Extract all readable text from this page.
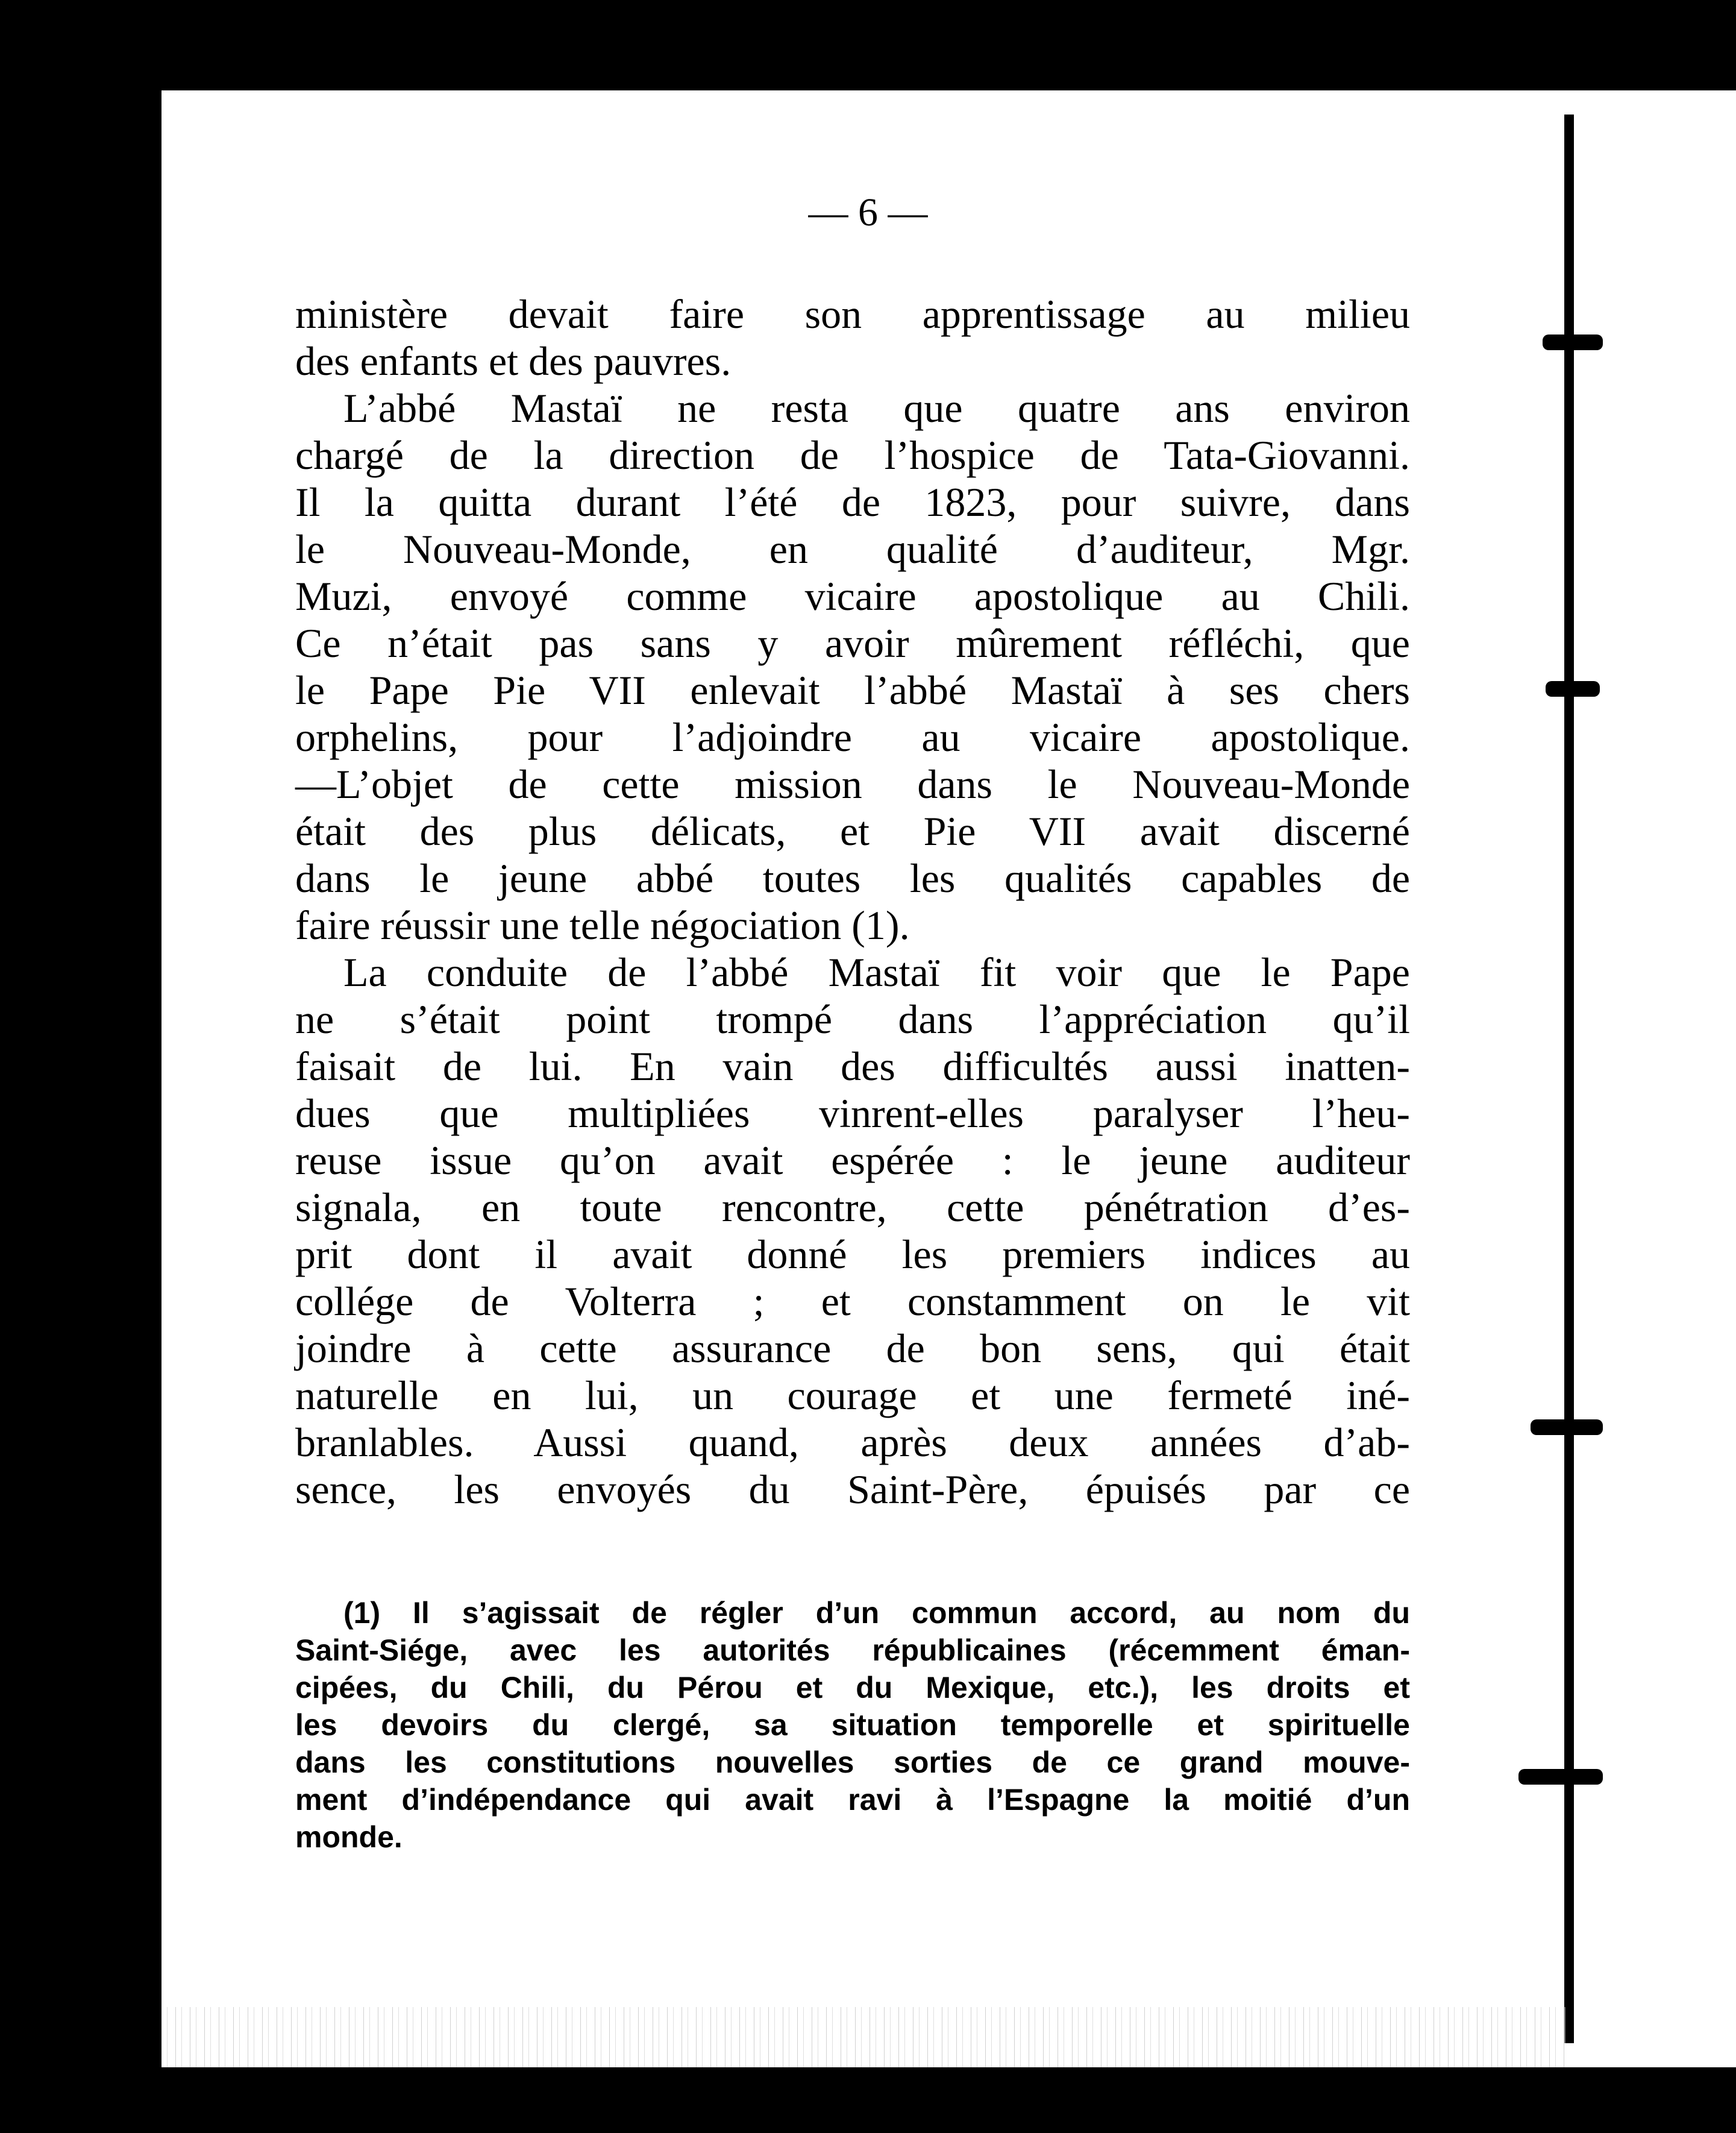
— 6 —
ministère devait faire son apprentissage au milieu
des enfants et des pauvres.
L’abbé Mastaï ne resta que quatre ans environ
chargé de la direction de l’hospice de Tata-Giovanni.
Il la quitta durant l’été de 1823, pour suivre, dans
le Nouveau-Monde, en qualité d’auditeur, Mgr.
Muzi, envoyé comme vicaire apostolique au Chili.
Ce n’était pas sans y avoir mûrement réfléchi, que
le Pape Pie VII enlevait l’abbé Mastaï à ses chers
orphelins, pour l’adjoindre au vicaire apostolique.
—L’objet de cette mission dans le Nouveau-Monde
était des plus délicats, et Pie VII avait discerné
dans le jeune abbé toutes les qualités capables de
faire réussir une telle négociation (1).
La conduite de l’abbé Mastaï fit voir que le Pape
ne s’était point trompé dans l’appréciation qu’il
faisait de lui. En vain des difficultés aussi inatten-
dues que multipliées vinrent-elles paralyser l’heu-
reuse issue qu’on avait espérée : le jeune auditeur
signala, en toute rencontre, cette pénétration d’es-
prit dont il avait donné les premiers indices au
collége de Volterra ; et constamment on le vit
joindre à cette assurance de bon sens, qui était
naturelle en lui, un courage et une fermeté iné-
branlables. Aussi quand, après deux années d’ab-
sence, les envoyés du Saint-Père, épuisés par ce
(1) Il s’agissait de régler d’un commun accord, au nom du
Saint-Siége, avec les autorités républicaines (récemment éman-
cipées, du Chili, du Pérou et du Mexique, etc.), les droits et
les devoirs du clergé, sa situation temporelle et spirituelle
dans les constitutions nouvelles sorties de ce grand mouve-
ment d’indépendance qui avait ravi à l’Espagne la moitié d’un
monde.
